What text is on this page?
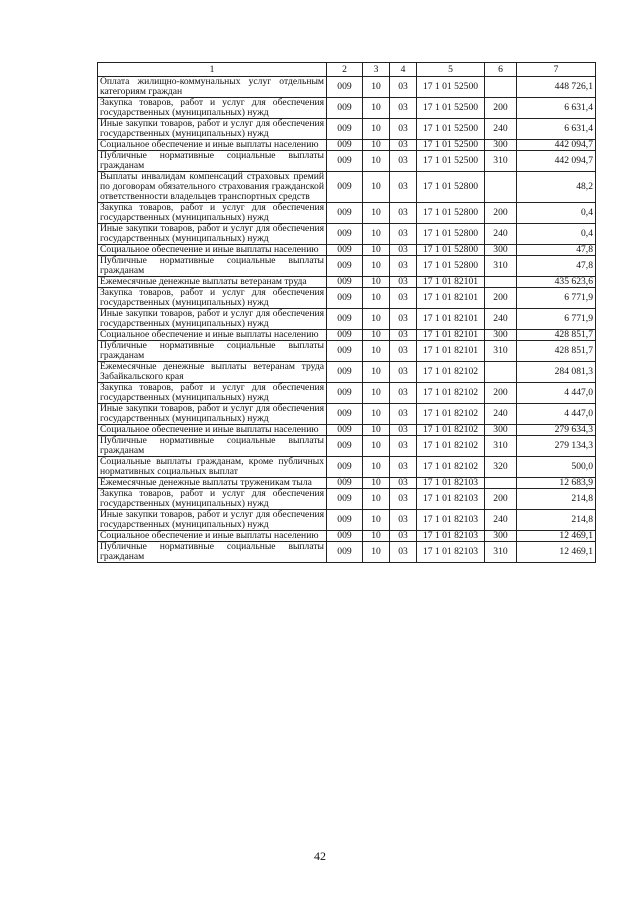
1	2	3	4	5	6	7
Оплата жилищно-коммунальных услуг отдельным категориям граждан	009	10	03	17 1 01 52500		448 726,1
Закупка товаров, работ и услуг для обеспечения государственных (муниципальных) нужд	009	10	03	17 1 01 52500	200	6 631,4
Иные закупки товаров, работ и услуг для обеспечения государственных (муниципальных) нужд	009	10	03	17 1 01 52500	240	6 631,4
Социальное обеспечение и иные выплаты населению	009	10	03	17 1 01 52500	300	442 094,7
Публичные нормативные социальные выплаты гражданам	009	10	03	17 1 01 52500	310	442 094,7
Выплаты инвалидам компенсаций страховых премий по договорам обязательного страхования гражданской ответственности владельцев транспортных средств	009	10	03	17 1 01 52800		48,2
Закупка товаров, работ и услуг для обеспечения государственных (муниципальных) нужд	009	10	03	17 1 01 52800	200	0,4
Иные закупки товаров, работ и услуг для обеспечения государственных (муниципальных) нужд	009	10	03	17 1 01 52800	240	0,4
Социальное обеспечение и иные выплаты населению	009	10	03	17 1 01 52800	300	47,8
Публичные нормативные социальные выплаты гражданам	009	10	03	17 1 01 52800	310	47,8
Ежемесячные денежные выплаты ветеранам труда	009	10	03	17 1 01 82101		435 623,6
Закупка товаров, работ и услуг для обеспечения государственных (муниципальных) нужд	009	10	03	17 1 01 82101	200	6 771,9
Иные закупки товаров, работ и услуг для обеспечения государственных (муниципальных) нужд	009	10	03	17 1 01 82101	240	6 771,9
Социальное обеспечение и иные выплаты населению	009	10	03	17 1 01 82101	300	428 851,7
Публичные нормативные социальные выплаты гражданам	009	10	03	17 1 01 82101	310	428 851,7
Ежемесячные денежные выплаты ветеранам труда Забайкальского края	009	10	03	17 1 01 82102		284 081,3
Закупка товаров, работ и услуг для обеспечения государственных (муниципальных) нужд	009	10	03	17 1 01 82102	200	4 447,0
Иные закупки товаров, работ и услуг для обеспечения государственных (муниципальных) нужд	009	10	03	17 1 01 82102	240	4 447,0
Социальное обеспечение и иные выплаты населению	009	10	03	17 1 01 82102	300	279 634,3
Публичные нормативные социальные выплаты гражданам	009	10	03	17 1 01 82102	310	279 134,3
Социальные выплаты гражданам, кроме публичных нормативных социальных выплат	009	10	03	17 1 01 82102	320	500,0
Ежемесячные денежные выплаты труженикам тыла	009	10	03	17 1 01 82103		12 683,9
Закупка товаров, работ и услуг для обеспечения государственных (муниципальных) нужд	009	10	03	17 1 01 82103	200	214,8
Иные закупки товаров, работ и услуг для обеспечения государственных (муниципальных) нужд	009	10	03	17 1 01 82103	240	214,8
Социальное обеспечение и иные выплаты населению	009	10	03	17 1 01 82103	300	12 469,1
Публичные нормативные социальные выплаты гражданам	009	10	03	17 1 01 82103	310	12 469,1
42
